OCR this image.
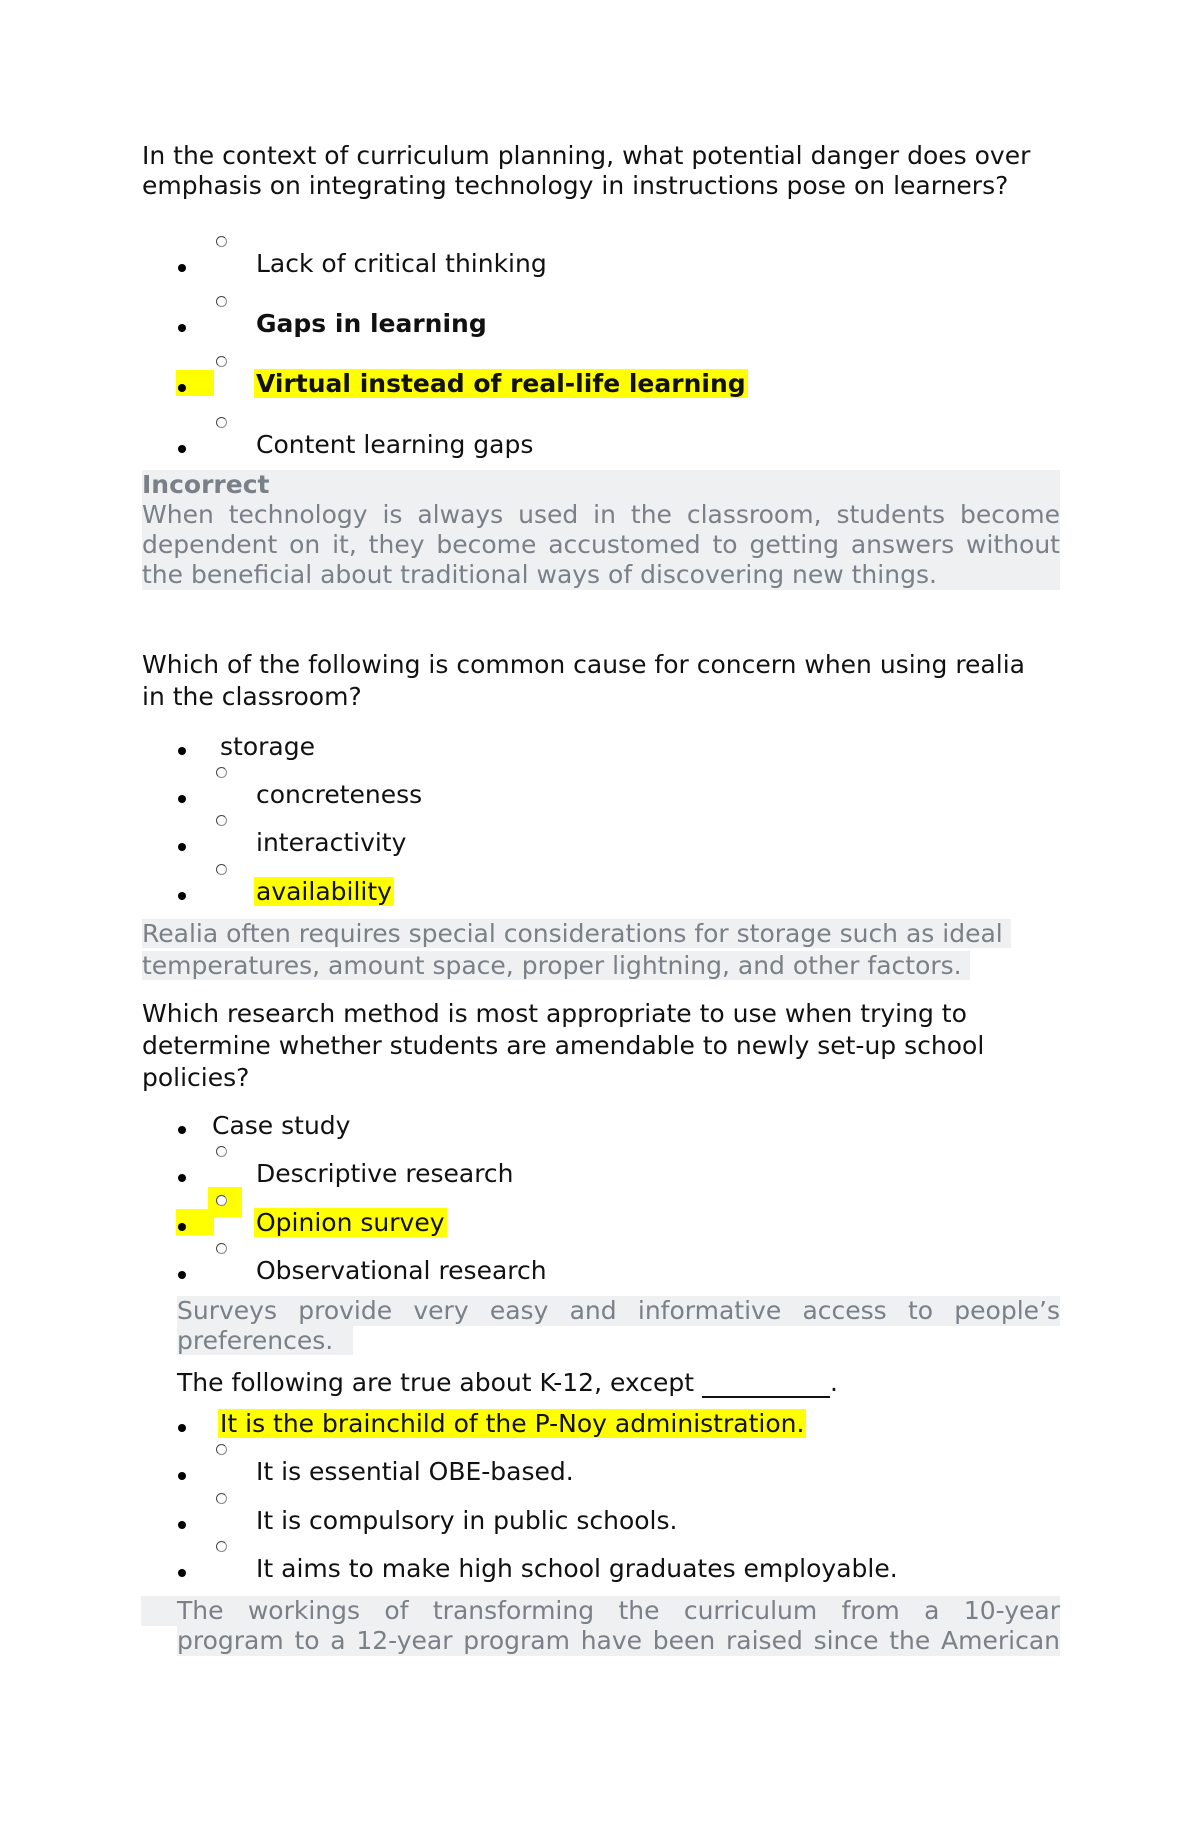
In the context of curriculum planning, what potential danger does over emphasis on integrating technology in instructions pose on learners?
Lack of critical thinking
Gaps in learning
Virtual instead of real-life learning
Content learning gaps
Incorrect
When technology is always used in the classroom, students become dependent on it, they become accustomed to getting answers without the beneficial about traditional ways of discovering new things.
Which of the following is common cause for concern when using realia
in the classroom?
storage
concreteness
interactivity
availability
Realia often requires special considerations for storage such as ideal
temperatures, amount space, proper lightning, and other factors.
Which research method is most appropriate to use when trying to
determine whether students are amendable to newly set-up school
policies?
Case study
Descriptive research
Opinion survey
Observational research
Surveys provide very easy and informative access to people’s
preferences.
The following are true about K-12, except	.
It is the brainchild of the P-Noy administration.
It is essential OBE-based.
It is compulsory in public schools.
It aims to make high school graduates employable.
The workings of transforming the curriculum from a 10-year
program to a 12-year program have been raised since the American
